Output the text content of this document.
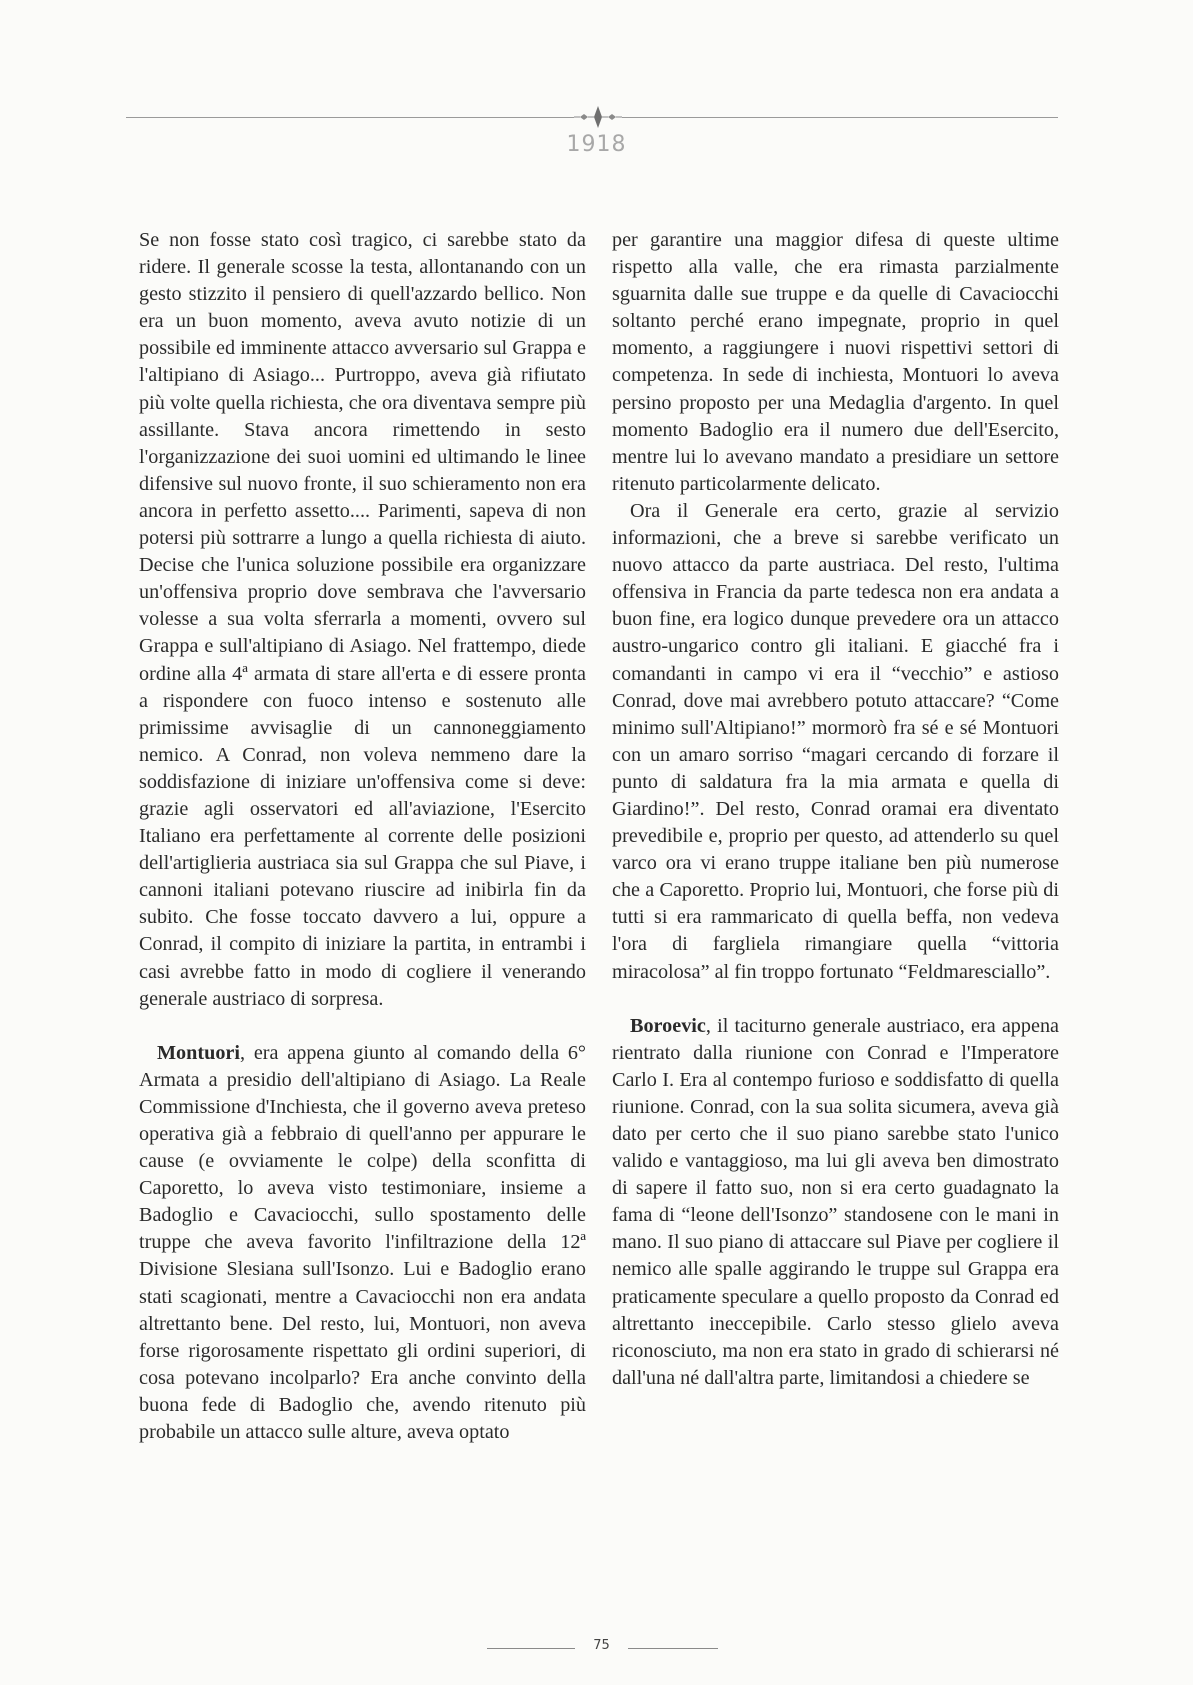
1918

Se non fosse stato così tragico, ci sarebbe stato da ridere. Il generale scosse la testa, allontanando con un gesto stizzito il pensiero di quell'azzardo bellico. Non era un buon momento, aveva avuto notizie di un possibile ed imminente attacco avversario sul Grappa e l'altipiano di Asiago... Purtroppo, aveva già rifiutato più volte quella richiesta, che ora diventava sempre più assillante. Stava ancora rimettendo in sesto l'organizzazione dei suoi uomini ed ultimando le linee difensive sul nuovo fronte, il suo schieramento non era ancora in perfetto assetto.... Parimenti, sapeva di non potersi più sottrarre a lungo a quella richiesta di aiuto. Decise che l'unica soluzione possibile era organizzare un'offensiva proprio dove sembrava che l'avversario volesse a sua volta sferrarla a momenti, ovvero sul Grappa e sull'altipiano di Asiago. Nel frattempo, diede ordine alla 4ª armata di stare all'erta e di essere pronta a rispondere con fuoco intenso e sostenuto alle primissime avvisaglie di un cannoneggiamento nemico. A Conrad, non voleva nemmeno dare la soddisfazione di iniziare un'offensiva come si deve: grazie agli osservatori ed all'aviazione, l'Esercito Italiano era perfettamente al corrente delle posizioni dell'artiglieria austriaca sia sul Grappa che sul Piave, i cannoni italiani potevano riuscire ad inibirla fin da subito. Che fosse toccato davvero a lui, oppure a Conrad, il compito di iniziare la partita, in entrambi i casi avrebbe fatto in modo di cogliere il venerando generale austriaco di sorpresa.

Montuori, era appena giunto al comando della 6° Armata a presidio dell'altipiano di Asiago. La Reale Commissione d'Inchiesta, che il governo aveva preteso operativa già a febbraio di quell'anno per appurare le cause (e ovviamente le colpe) della sconfitta di Caporetto, lo aveva visto testimoniare, insieme a Badoglio e Cavaciocchi, sullo spostamento delle truppe che aveva favorito l'infiltrazione della 12ª Divisione Slesiana sull'Isonzo. Lui e Badoglio erano stati scagionati, mentre a Cavaciocchi non era andata altrettanto bene. Del resto, lui, Montuori, non aveva forse rigorosamente rispettato gli ordini superiori, di cosa potevano incolparlo? Era anche convinto della buona fede di Badoglio che, avendo ritenuto più probabile un attacco sulle alture, aveva optato

per garantire una maggior difesa di queste ultime rispetto alla valle, che era rimasta parzialmente sguarnita dalle sue truppe e da quelle di Cavaciocchi soltanto perché erano impegnate, proprio in quel momento, a raggiungere i nuovi rispettivi settori di competenza. In sede di inchiesta, Montuori lo aveva persino proposto per una Medaglia d'argento. In quel momento Badoglio era il numero due dell'Esercito, mentre lui lo avevano mandato a presidiare un settore ritenuto particolarmente delicato.

Ora il Generale era certo, grazie al servizio informazioni, che a breve si sarebbe verificato un nuovo attacco da parte austriaca. Del resto, l'ultima offensiva in Francia da parte tedesca non era andata a buon fine, era logico dunque prevedere ora un attacco austro-ungarico contro gli italiani. E giacché fra i comandanti in campo vi era il “vecchio” e astioso Conrad, dove mai avrebbero potuto attaccare? “Come minimo sull'Altipiano!” mormorò fra sé e sé Montuori con un amaro sorriso “magari cercando di forzare il punto di saldatura fra la mia armata e quella di Giardino!”. Del resto, Conrad oramai era diventato prevedibile e, proprio per questo, ad attenderlo su quel varco ora vi erano truppe italiane ben più numerose che a Caporetto. Proprio lui, Montuori, che forse più di tutti si era rammaricato di quella beffa, non vedeva l'ora di fargliela rimangiare quella “vittoria miracolosa” al fin troppo fortunato “Feldmaresciallo”.

Boroevic, il taciturno generale austriaco, era appena rientrato dalla riunione con Conrad e l'Imperatore Carlo I. Era al contempo furioso e soddisfatto di quella riunione. Conrad, con la sua solita sicumera, aveva già dato per certo che il suo piano sarebbe stato l'unico valido e vantaggioso, ma lui gli aveva ben dimostrato di sapere il fatto suo, non si era certo guadagnato la fama di “leone dell'Isonzo” standosene con le mani in mano. Il suo piano di attaccare sul Piave per cogliere il nemico alle spalle aggirando le truppe sul Grappa era praticamente speculare a quello proposto da Conrad ed altrettanto ineccepibile. Carlo stesso glielo aveva riconosciuto, ma non era stato in grado di schierarsi né dall'una né dall'altra parte, limitandosi a chiedere se

75
